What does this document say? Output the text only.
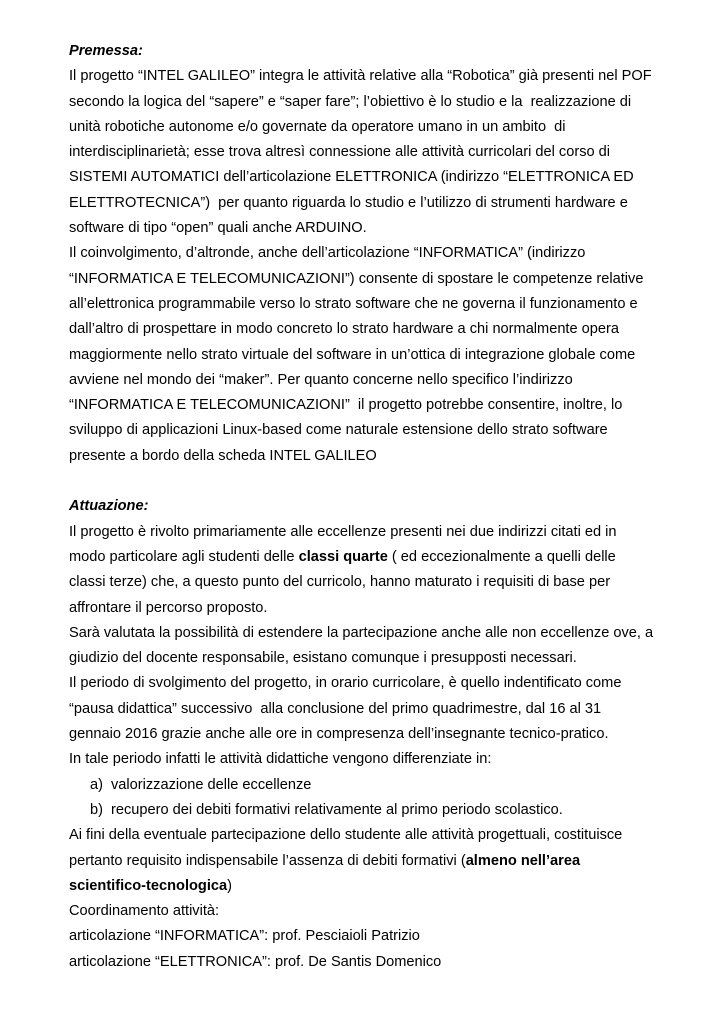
Premessa:
Il progetto “INTEL GALILEO” integra le attività relative alla “Robotica” già presenti nel POF
secondo la logica del “sapere” e “saper fare”; l’obiettivo è lo studio e la  realizzazione di
unità robotiche autonome e/o governate da operatore umano in un ambito  di
interdisciplinarietà; esse trova altresì connessione alle attività curricolari del corso di
SISTEMI AUTOMATICI dell’articolazione ELETTRONICA (indirizzo “ELETTRONICA ED
ELETTROTECNICA”)  per quanto riguarda lo studio e l’utilizzo di strumenti hardware e
software di tipo “open” quali anche ARDUINO.
Il coinvolgimento, d’altronde, anche dell’articolazione “INFORMATICA” (indirizzo
“INFORMATICA E TELECOMUNICAZIONI”) consente di spostare le competenze relative
all’elettronica programmabile verso lo strato software che ne governa il funzionamento e
dall’altro di prospettare in modo concreto lo strato hardware a chi normalmente opera
maggiormente nello strato virtuale del software in un’ottica di integrazione globale come
avviene nel mondo dei “maker”. Per quanto concerne nello specifico l’indirizzo
“INFORMATICA E TELECOMUNICAZIONI”  il progetto potrebbe consentire, inoltre, lo
sviluppo di applicazioni Linux-based come naturale estensione dello strato software
presente a bordo della scheda INTEL GALILEO
Attuazione:
Il progetto è rivolto primariamente alle eccellenze presenti nei due indirizzi citati ed in
modo particolare agli studenti delle classi quarte ( ed eccezionalmente a quelli delle
classi terze) che, a questo punto del curricolo, hanno maturato i requisiti di base per
affrontare il percorso proposto.
Sarà valutata la possibilità di estendere la partecipazione anche alle non eccellenze ove, a
giudizio del docente responsabile, esistano comunque i presupposti necessari.
Il periodo di svolgimento del progetto, in orario curricolare, è quello indentificato come
“pausa didattica” successivo  alla conclusione del primo quadrimestre, dal 16 al 31
gennaio 2016 grazie anche alle ore in compresenza dell’insegnante tecnico-pratico.
In tale periodo infatti le attività didattiche vengono differenziate in:
a) valorizzazione delle eccellenze
b) recupero dei debiti formativi relativamente al primo periodo scolastico.
Ai fini della eventuale partecipazione dello studente alle attività progettuali, costituisce
pertanto requisito indispensabile l’assenza di debiti formativi (almeno nell’area
scientifico-tecnologica)
Coordinamento attività:
articolazione “INFORMATICA”: prof. Pesciaioli Patrizio
articolazione “ELETTRONICA”: prof. De Santis Domenico
